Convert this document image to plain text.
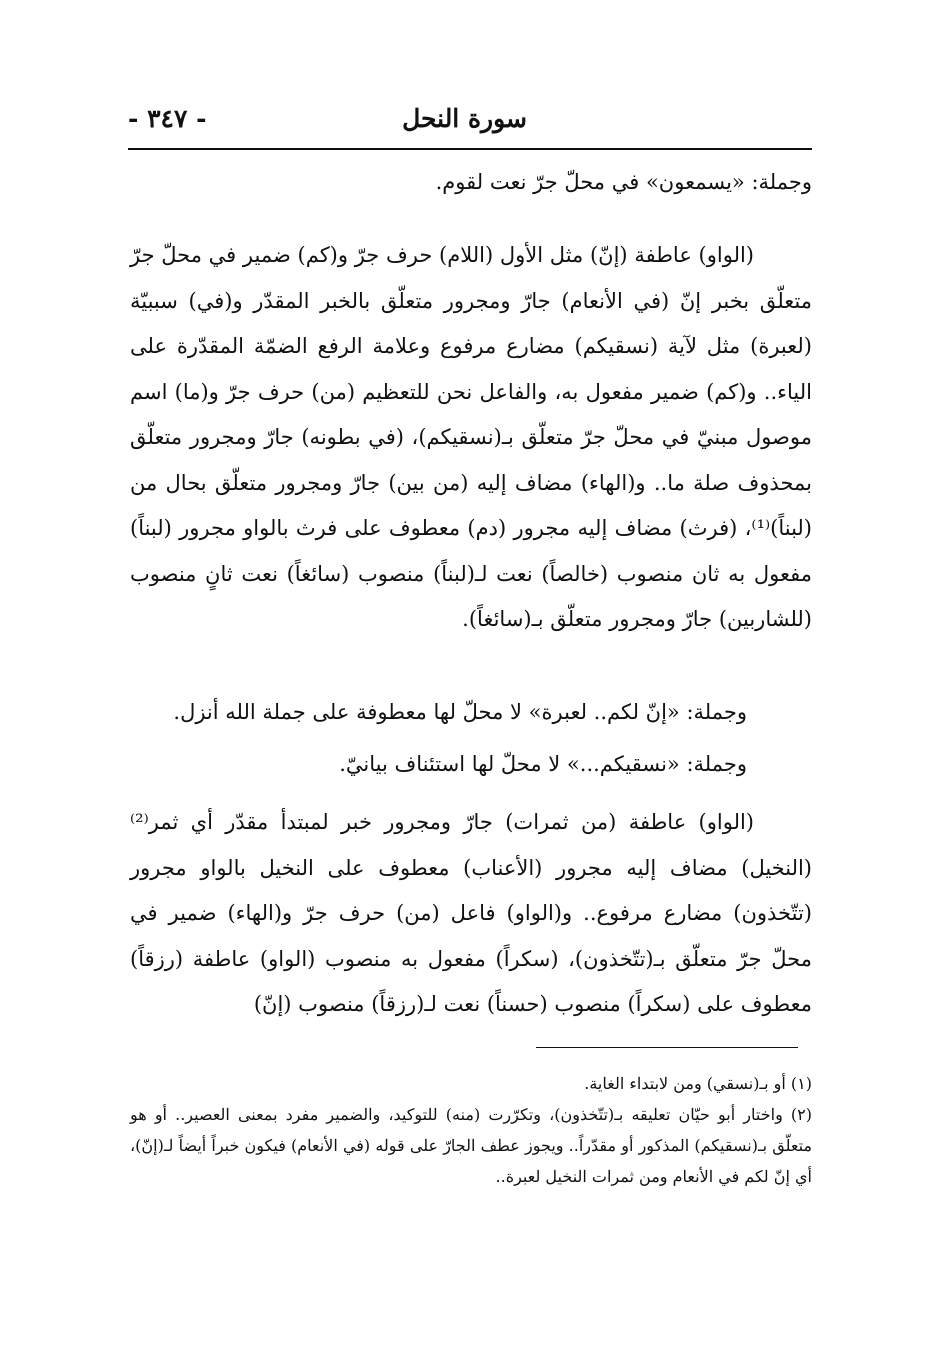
سورة النحل
- ٣٤٧ -
وجملة: «يسمعون» في محلّ جرّ نعت لقوم.
(الواو) عاطفة (إنّ) مثل الأول (اللام) حرف جرّ و(كم) ضمير في محلّ جرّ متعلّق بخبر إنّ (في الأنعام) جارّ ومجرور متعلّق بالخبر المقدّر و(في) سببيّة (لعبرة) مثل لآية (نسقيكم) مضارع مرفوع وعلامة الرفع الضمّة المقدّرة على الياء.. و(كم) ضمير مفعول به، والفاعل نحن للتعظيم (من) حرف جرّ و(ما) اسم موصول مبنيّ في محلّ جرّ متعلّق بـ(نسقيكم)، (في بطونه) جارّ ومجرور متعلّق بمحذوف صلة ما.. و(الهاء) مضاف إليه (من بين) جارّ ومجرور متعلّق بحال من (لبناً)⁽¹⁾، (فرث) مضاف إليه مجرور (دم) معطوف على فرث بالواو مجرور (لبناً) مفعول به ثان منصوب (خالصاً) نعت لـ(لبناً) منصوب (سائغاً) نعت ثانٍ منصوب (للشاربين) جارّ ومجرور متعلّق بـ(سائغاً).
وجملة: «إنّ لكم.. لعبرة» لا محلّ لها معطوفة على جملة الله أنزل.
وجملة: «نسقيكم...» لا محلّ لها استئناف بيانيّ.
(الواو) عاطفة (من ثمرات) جارّ ومجرور خبر لمبتدأ مقدّر أي ثمر⁽²⁾ (النخيل) مضاف إليه مجرور (الأعناب) معطوف على النخيل بالواو مجرور (تتّخذون) مضارع مرفوع.. و(الواو) فاعل (من) حرف جرّ و(الهاء) ضمير في محلّ جرّ متعلّق بـ(تتّخذون)، (سكراً) مفعول به منصوب (الواو) عاطفة (رزقاً) معطوف على (سكراً) منصوب (حسناً) نعت لـ(رزقاً) منصوب (إنّ)
(١) أو بـ(نسقي) ومن لابتداء الغاية.
(٢) واختار أبو حيّان تعليقه بـ(تتّخذون)، وتكرّرت (منه) للتوكيد، والضمير مفرد بمعنى العصير.. أو هو متعلّق بـ(نسقيكم) المذكور أو مقدّراً.. ويجوز عطف الجارّ على قوله (في الأنعام) فيكون خبراً أيضاً لـ(إنّ)، أي إنّ لكم في الأنعام ومن ثمرات النخيل لعبرة..
